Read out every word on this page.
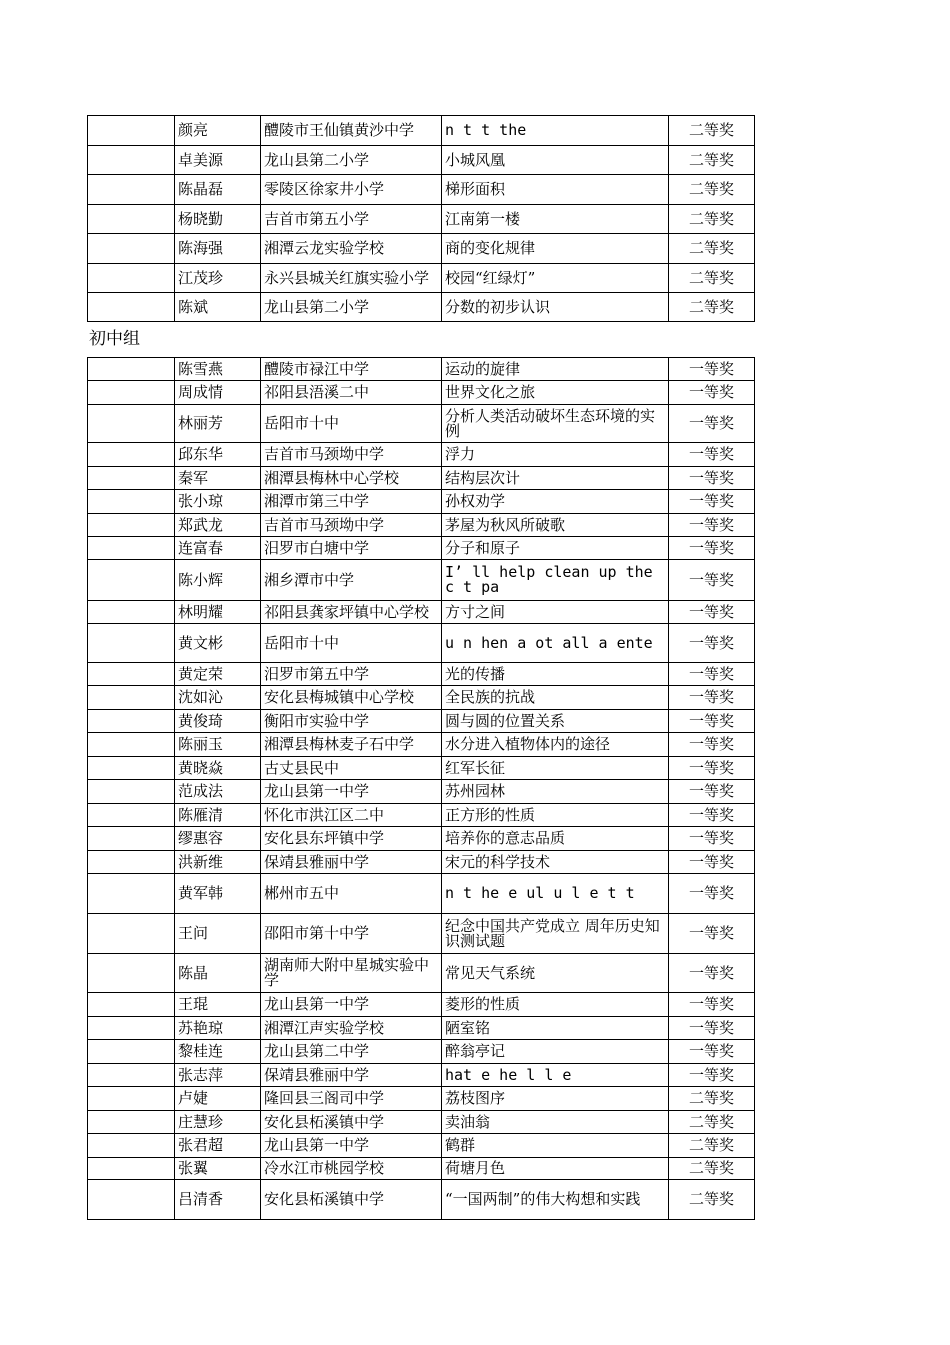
	颜亮	醴陵市王仙镇黄沙中学	n t t the	二等奖
	卓美源	龙山县第二小学	小城风凰	二等奖
	陈晶磊	零陵区徐家井小学	梯形面积	二等奖
	杨晓勤	吉首市第五小学	江南第一楼	二等奖
	陈海强	湘潭云龙实验学校	商的变化规律	二等奖
	江茂珍	永兴县城关红旗实验小学	校园“红绿灯”	二等奖
	陈斌	龙山县第二小学	分数的初步认识	二等奖
初中组
	陈雪燕	醴陵市禄江中学	运动的旋律	一等奖
	周成情	祁阳县浯溪二中	世界文化之旅	一等奖
	林丽芳	岳阳市十中	分析人类活动破坏生态环境的实例	一等奖
	邱东华	吉首市马颈坳中学	浮力	一等奖
	秦军	湘潭县梅林中心学校	结构层次计	一等奖
	张小琼	湘潭市第三中学	孙权劝学	一等奖
	郑武龙	吉首市马颈坳中学	茅屋为秋风所破歌	一等奖
	连富春	汨罗市白塘中学	分子和原子	一等奖
	陈小辉	湘乡潭市中学	I’ ll help clean up the c t pa	一等奖
	林明耀	祁阳县龚家坪镇中心学校	方寸之间	一等奖
	黄文彬	岳阳市十中	u n hen a ot all a ente	一等奖
	黄定荣	汨罗市第五中学	光的传播	一等奖
	沈如沁	安化县梅城镇中心学校	全民族的抗战	一等奖
	黄俊琦	衡阳市实验中学	圆与圆的位置关系	一等奖
	陈丽玉	湘潭县梅林麦子石中学	水分进入植物体内的途径	一等奖
	黄晓焱	古丈县民中	红军长征	一等奖
	范成法	龙山县第一中学	苏州园林	一等奖
	陈雁清	怀化市洪江区二中	正方形的性质	一等奖
	缪惠容	安化县东坪镇中学	培养你的意志品质	一等奖
	洪新维	保靖县雅丽中学	宋元的科学技术	一等奖
	黄军韩	郴州市五中	n t he e ul u l e t t	一等奖
	王问	邵阳市第十中学	纪念中国共产党成立 周年历史知识测试题	一等奖
	陈晶	湖南师大附中星城实验中学	常见天气系统	一等奖
	王琨	龙山县第一中学	菱形的性质	一等奖
	苏艳琼	湘潭江声实验学校	陋室铭	一等奖
	黎桂连	龙山县第二中学	醉翁亭记	一等奖
	张志萍	保靖县雅丽中学	hat e he l l e	一等奖
	卢婕	隆回县三阁司中学	荔枝图序	二等奖
	庄慧珍	安化县柘溪镇中学	卖油翁	二等奖
	张君超	龙山县第一中学	鹤群	二等奖
	张翼	冷水江市桃园学校	荷塘月色	二等奖
	吕清香	安化县柘溪镇中学	“一国两制”的伟大构想和实践	二等奖
